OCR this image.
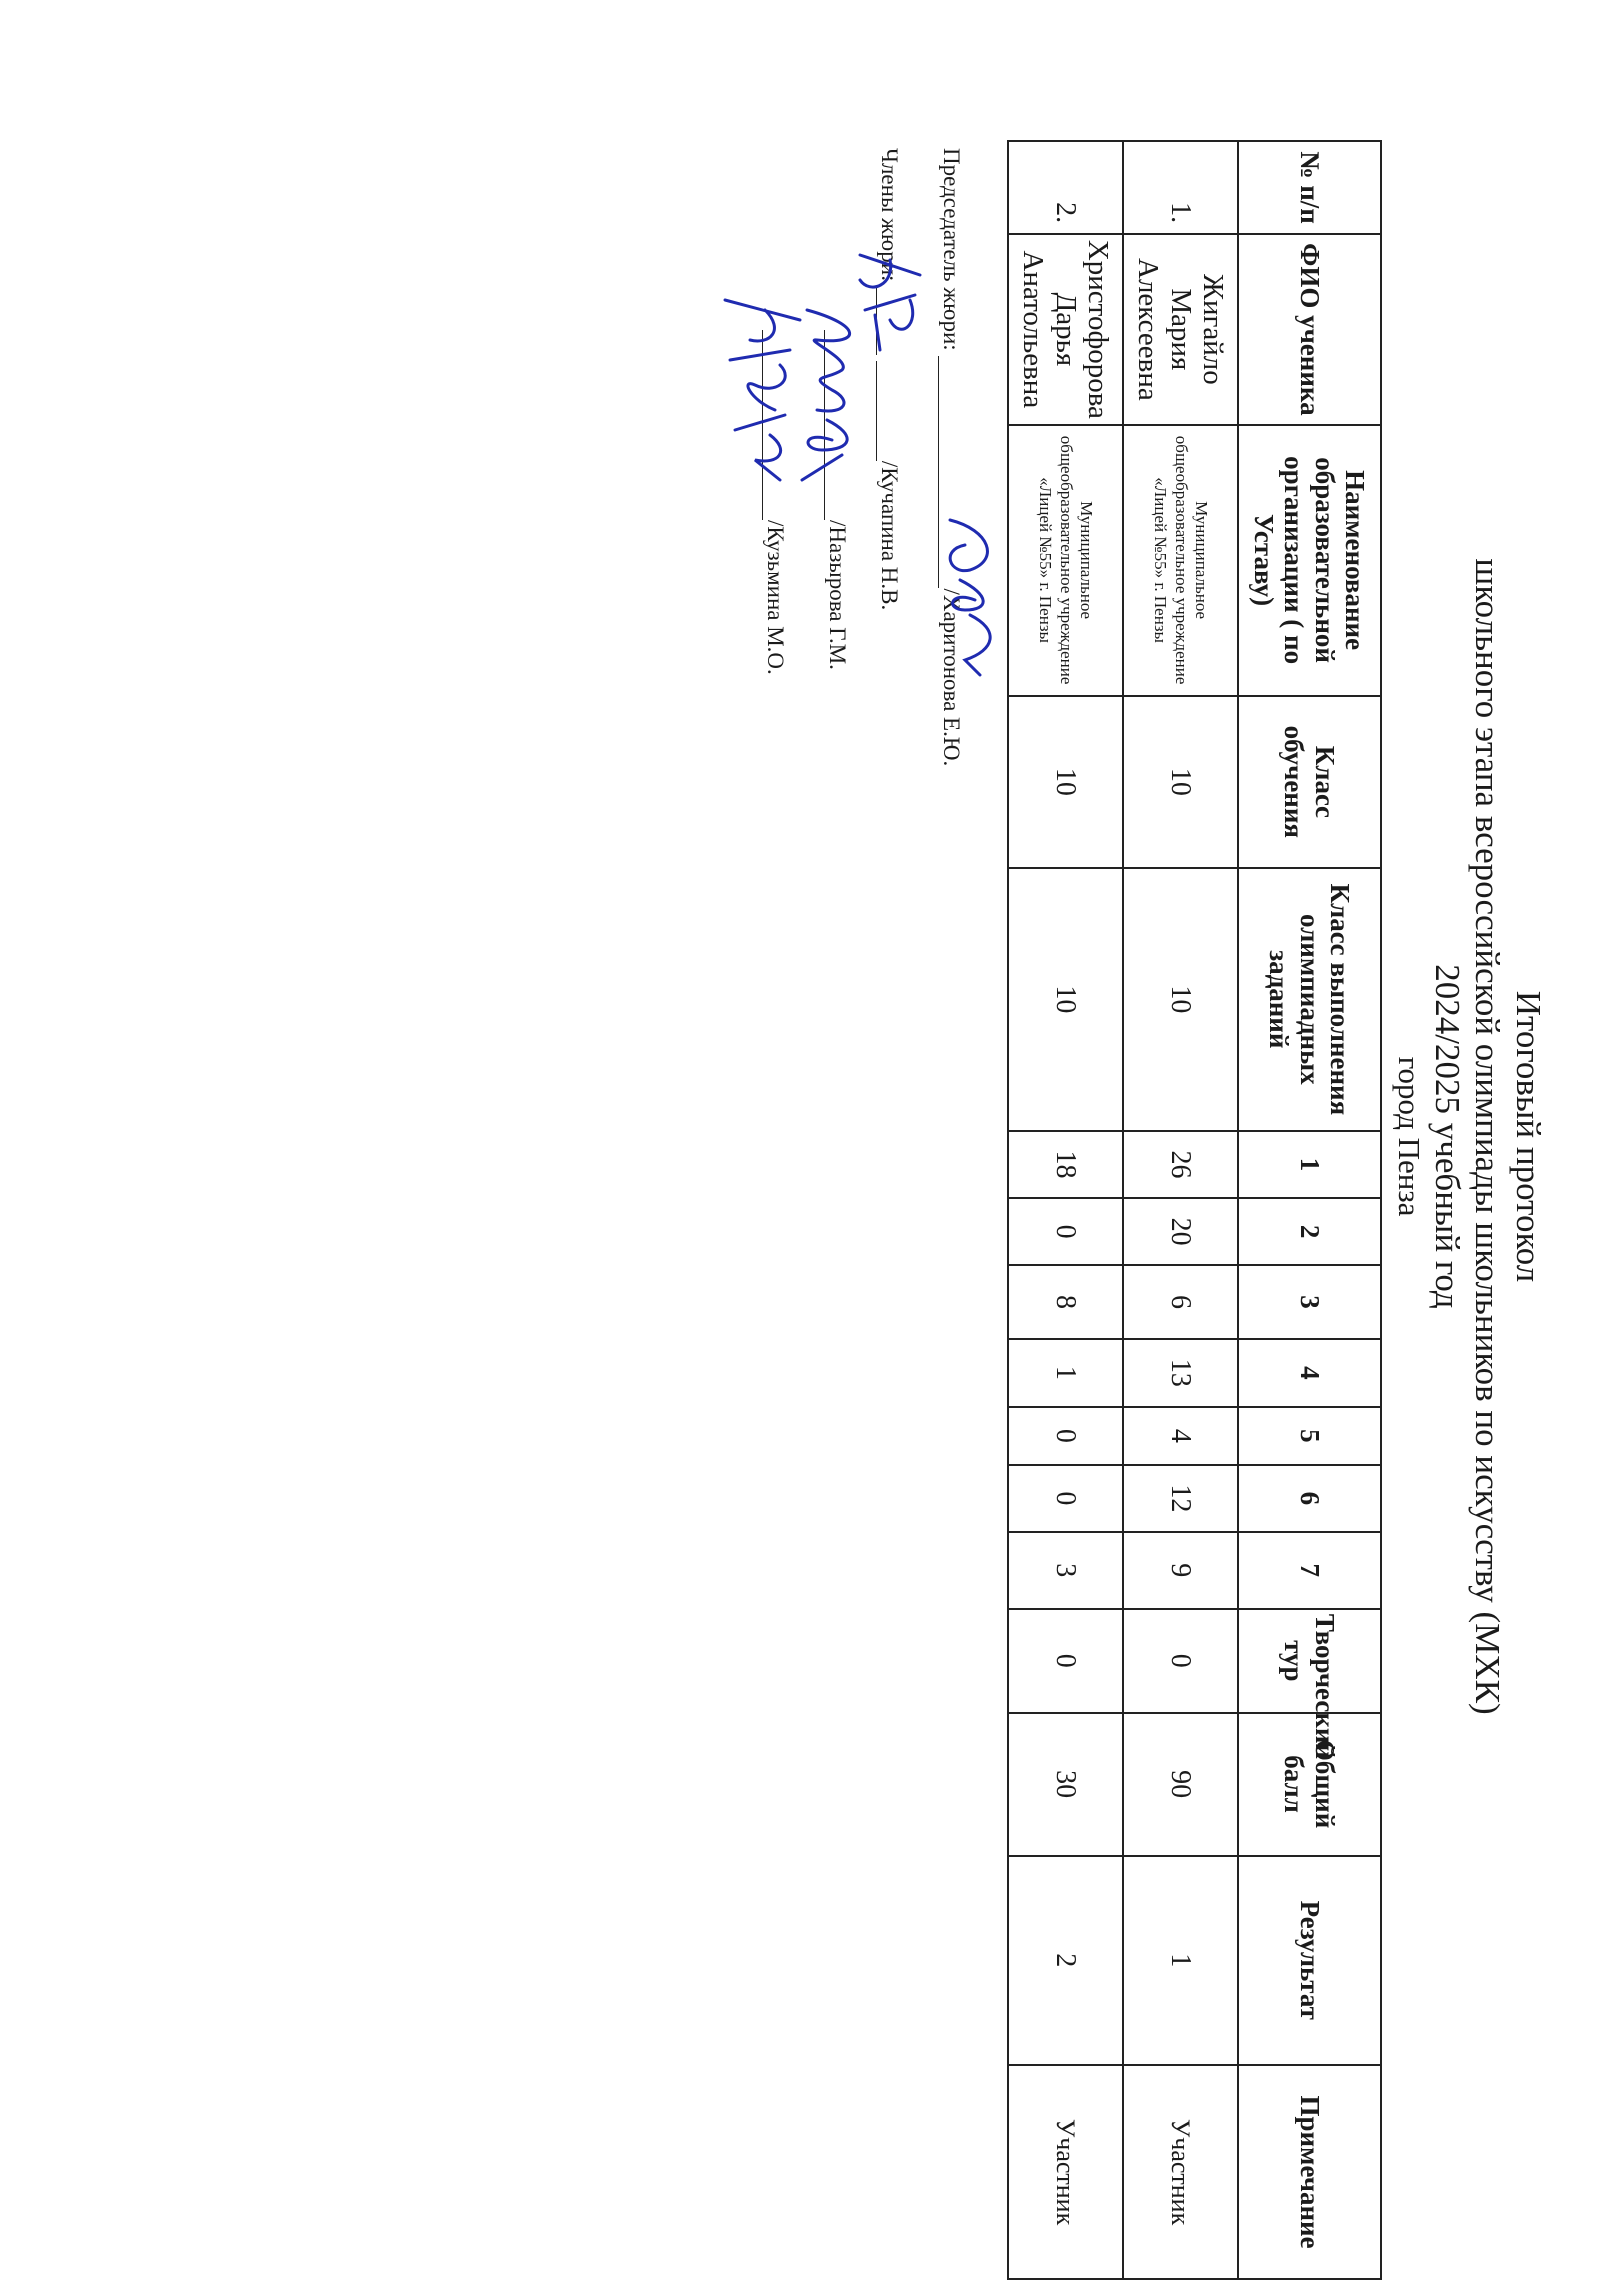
Итоговый протокол
школьного этапа всероссийской олимпиады школьников по искусству (МХК)
2024/2025 учебный год
город Пенза
№ п/п	ФИО ученика	Наименование образовательной организации ( по Уставу)	Класс обучения	Класс выполнения олимпиадных заданий	1	2	3	4	5	6	7	Творческий тур	Общий балл	Результат	Примечание
1.	Жигайло Мария Алексеевна	Муниципальное общеобразовательное учреждение «Лицей №55» г. Пензы	10	10	26	20	6	13	4	12	9	0	90	1	Участник
2.	Христофорова Дарья Анатольевна	Муниципальное общеобразовательное учреждение «Лицей №55» г. Пензы	10	10	18	0	8	1	0	0	3	0	30	2	Участник
Председатель жюри: /Харитонова Е.Ю.
Члены жюри:  /Кучапина Н.В.
/Назырова Г.М.
/Кузьмина М.О.
